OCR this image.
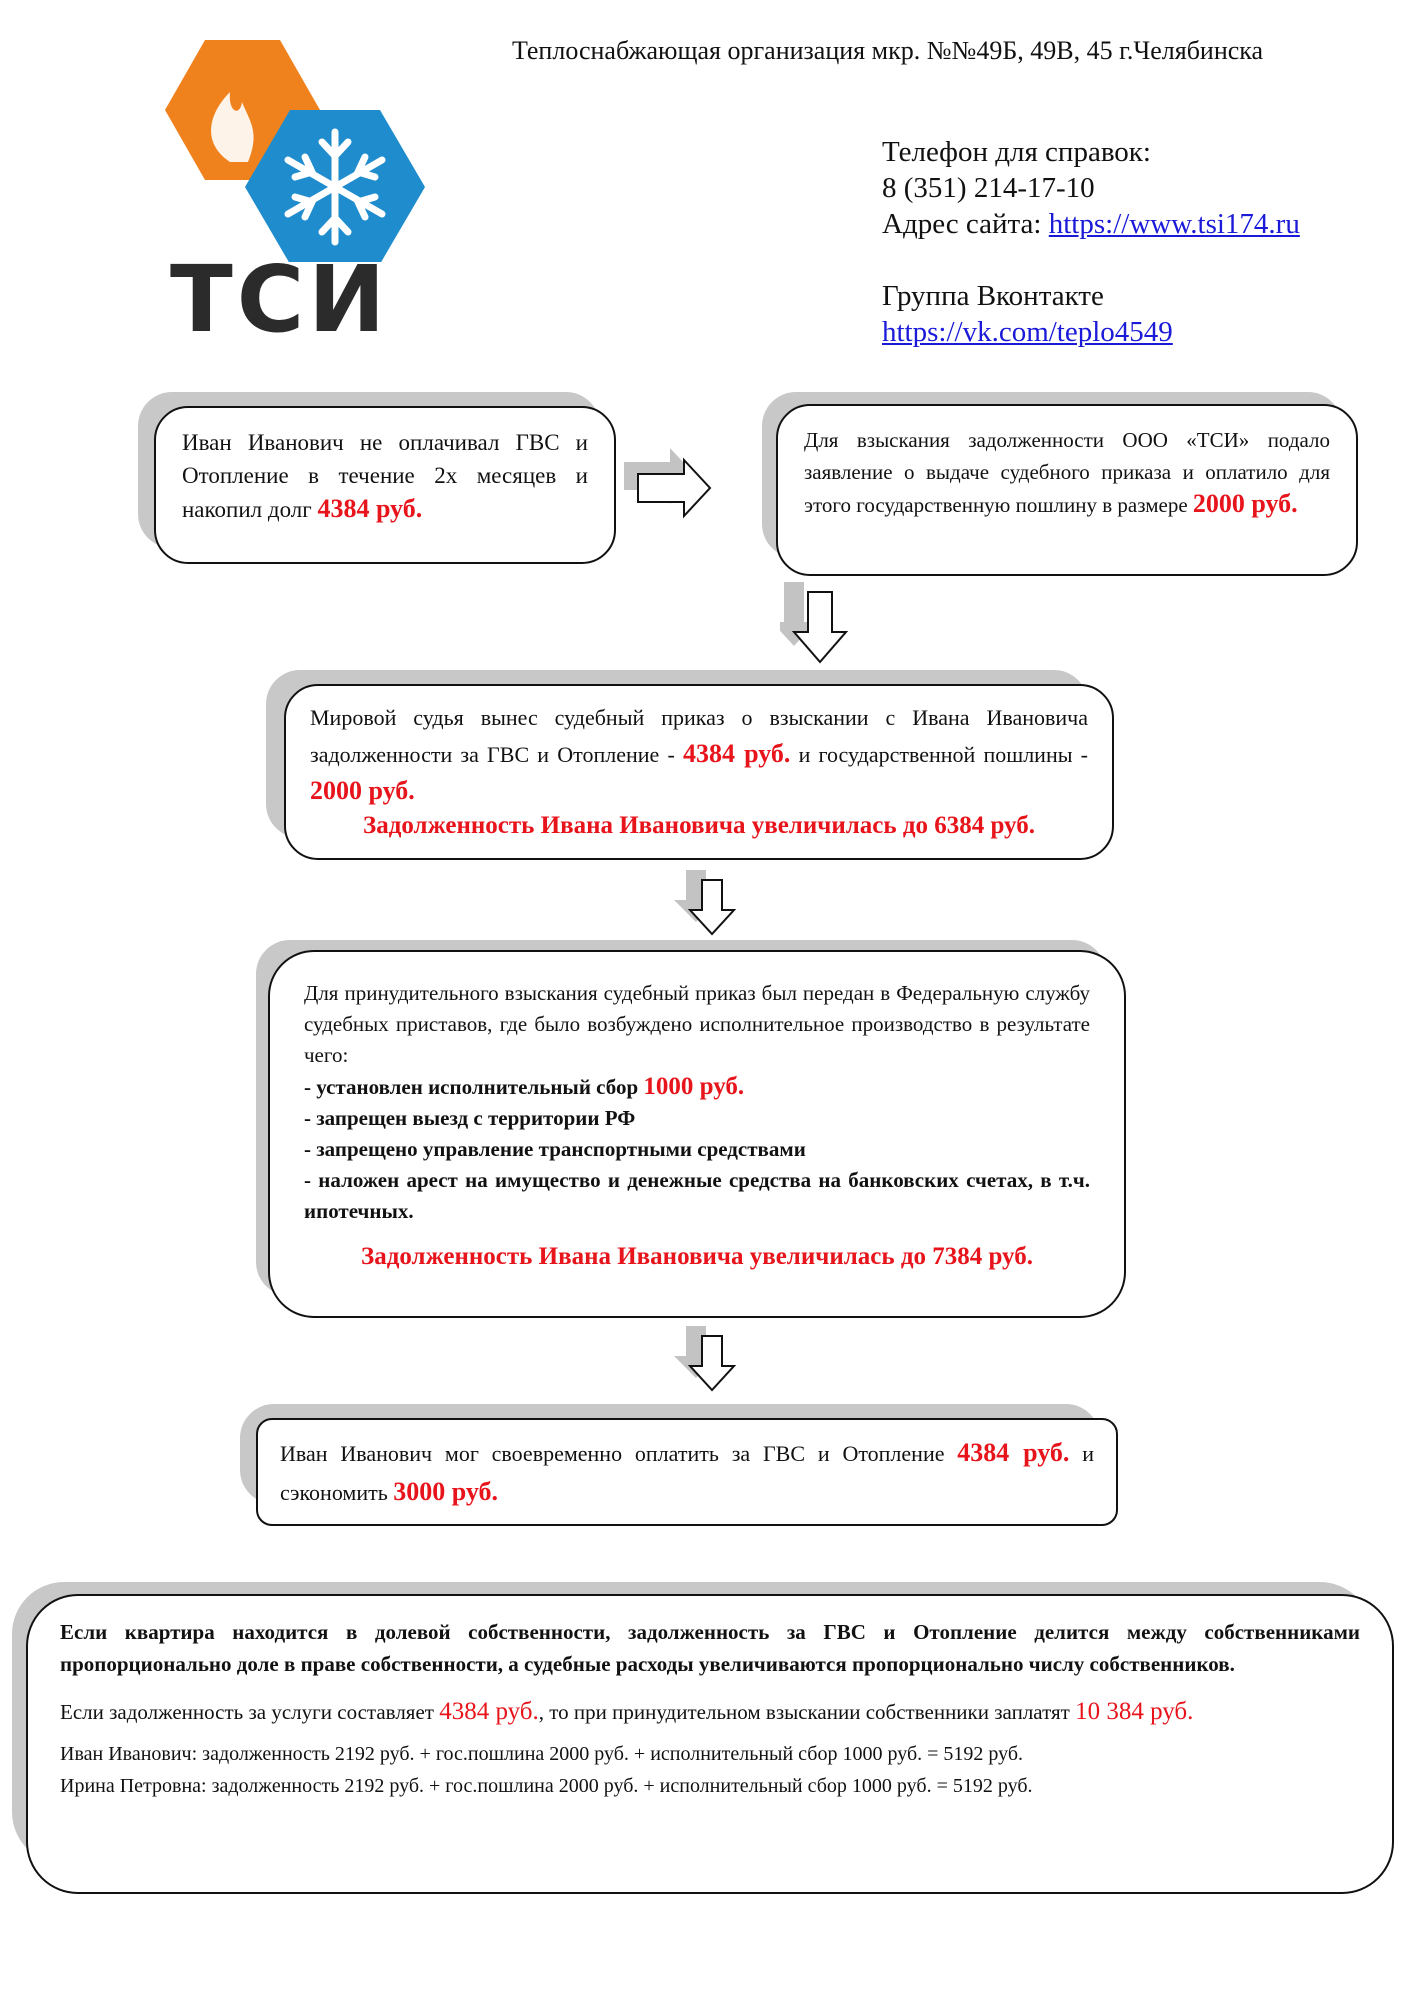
ТСИ
Теплоснабжающая организация мкр. №№49Б, 49В, 45 г.Челябинска
Телефон для справок:
8 (351) 214-17-10
Адрес сайта: https://www.tsi174.ru
Группа Вконтакте
https://vk.com/teplo4549
Иван Иванович не оплачивал ГВС и Отопление в течение 2х месяцев и накопил долг 4384 руб.
Для взыскания задолженности ООО «ТСИ» подало заявление о выдаче судебного приказа и оплатило для этого государственную пошлину в размере 2000 руб.
Мировой судья вынес судебный приказ о взыскании с Ивана Ивановича задолженности за ГВС и Отопление - 4384 руб. и государственной пошлины - 2000 руб.
Задолженность Ивана Ивановича увеличилась до 6384 руб.
Для принудительного взыскания судебный приказ был передан в Федеральную службу судебных приставов, где было возбуждено исполнительное производство в результате чего:
- установлен исполнительный сбор 1000 руб.
- запрещен выезд с территории РФ
- запрещено управление транспортными средствами
- наложен арест на имущество и денежные средства на банковских счетах, в т.ч. ипотечных.
Задолженность Ивана Ивановича увеличилась до 7384 руб.
Иван Иванович мог своевременно оплатить за ГВС и Отопление 4384 руб. и сэкономить 3000 руб.
Если квартира находится в долевой собственности, задолженность за ГВС и Отопление делится между собственниками пропорционально доле в праве собственности, а судебные расходы увеличиваются пропорционально числу собственников.
Если задолженность за услуги составляет 4384 руб., то при принудительном взыскании собственники заплатят 10 384 руб.
Иван Иванович: задолженность 2192 руб. + гос.пошлина 2000 руб. + исполнительный сбор 1000 руб. = 5192 руб.
Ирина Петровна: задолженность 2192 руб. + гос.пошлина 2000 руб. + исполнительный сбор 1000 руб. = 5192 руб.
